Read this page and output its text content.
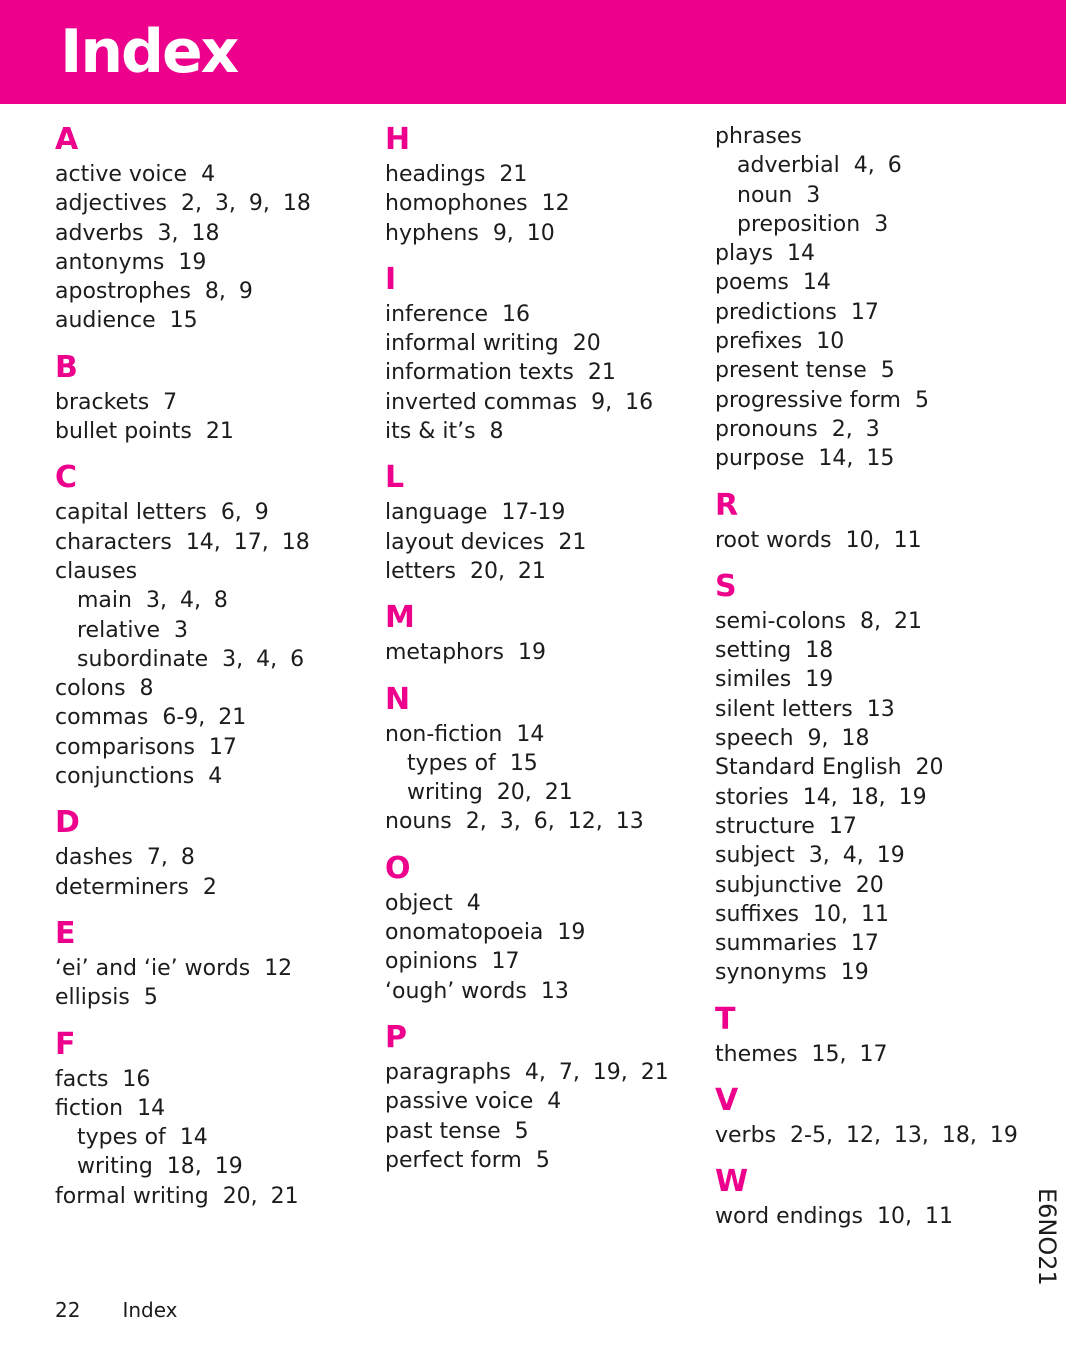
Index
A
active voice 4
adjectives 2, 3, 9, 18
adverbs 3, 18
antonyms 19
apostrophes 8, 9
audience 15
B
brackets 7
bullet points 21
C
capital letters 6, 9
characters 14, 17, 18
clauses
main 3, 4, 8
relative 3
subordinate 3, 4, 6
colons 8
commas 6-9, 21
comparisons 17
conjunctions 4
D
dashes 7, 8
determiners 2
E
‘ei’ and ‘ie’ words 12
ellipsis 5
F
facts 16
fiction 14
types of 14
writing 18, 19
formal writing 20, 21
H
headings 21
homophones 12
hyphens 9, 10
I
inference 16
informal writing 20
information texts 21
inverted commas 9, 16
its & it’s 8
L
language 17-19
layout devices 21
letters 20, 21
M
metaphors 19
N
non-fiction 14
types of 15
writing 20, 21
nouns 2, 3, 6, 12, 13
O
object 4
onomatopoeia 19
opinions 17
‘ough’ words 13
P
paragraphs 4, 7, 19, 21
passive voice 4
past tense 5
perfect form 5
phrases
adverbial 4, 6
noun 3
preposition 3
plays 14
poems 14
predictions 17
prefixes 10
present tense 5
progressive form 5
pronouns 2, 3
purpose 14, 15
R
root words 10, 11
S
semi-colons 8, 21
setting 18
similes 19
silent letters 13
speech 9, 18
Standard English 20
stories 14, 18, 19
structure 17
subject 3, 4, 19
subjunctive 20
suffixes 10, 11
summaries 17
synonyms 19
T
themes 15, 17
V
verbs 2-5, 12, 13, 18, 19
W
word endings 10, 11
22 Index
E6NO21
